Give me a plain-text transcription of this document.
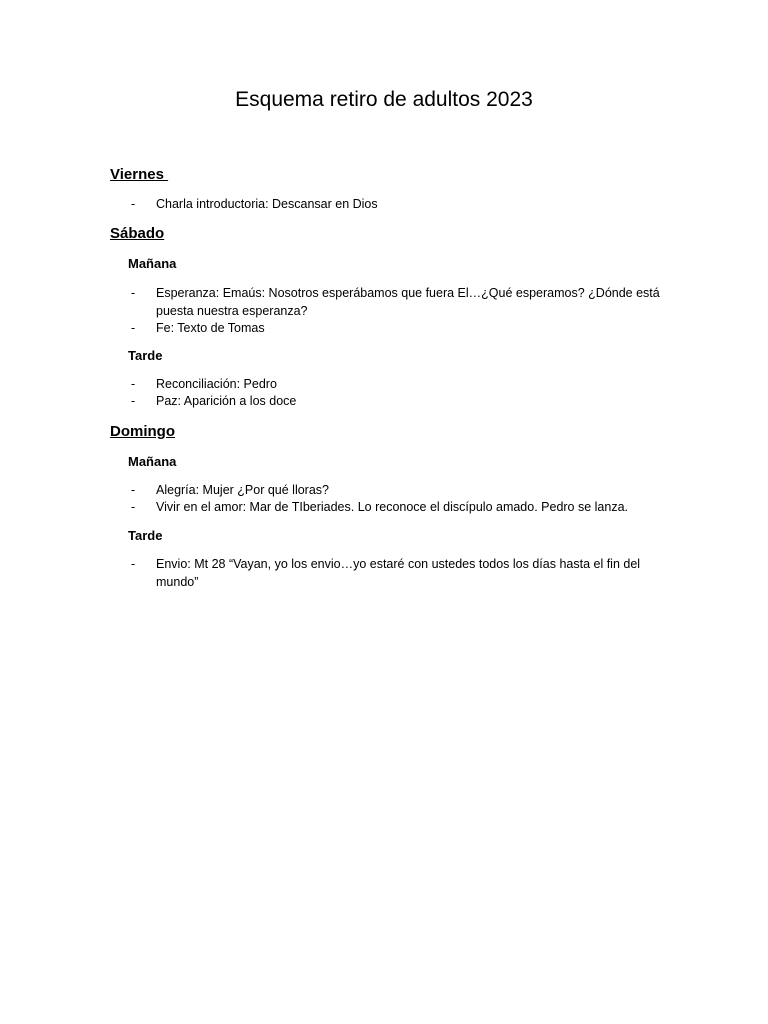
Esquema retiro de adultos 2023
Viernes
-	Charla introductoria: Descansar en Dios
Sábado
Mañana
-	Esperanza: Emaús: Nosotros esperábamos que fuera El…¿Qué esperamos? ¿Dónde está puesta nuestra esperanza?
-	Fe: Texto de Tomas
Tarde
-	Reconciliación: Pedro
-	Paz: Aparición a los doce
Domingo
Mañana
-	Alegría: Mujer ¿Por qué lloras?
-	Vivir en el amor: Mar de TIberiades. Lo reconoce el discípulo amado. Pedro se lanza.
Tarde
-	Envio: Mt 28 “Vayan, yo los envio…yo estaré con ustedes todos los días hasta el fin del mundo”
